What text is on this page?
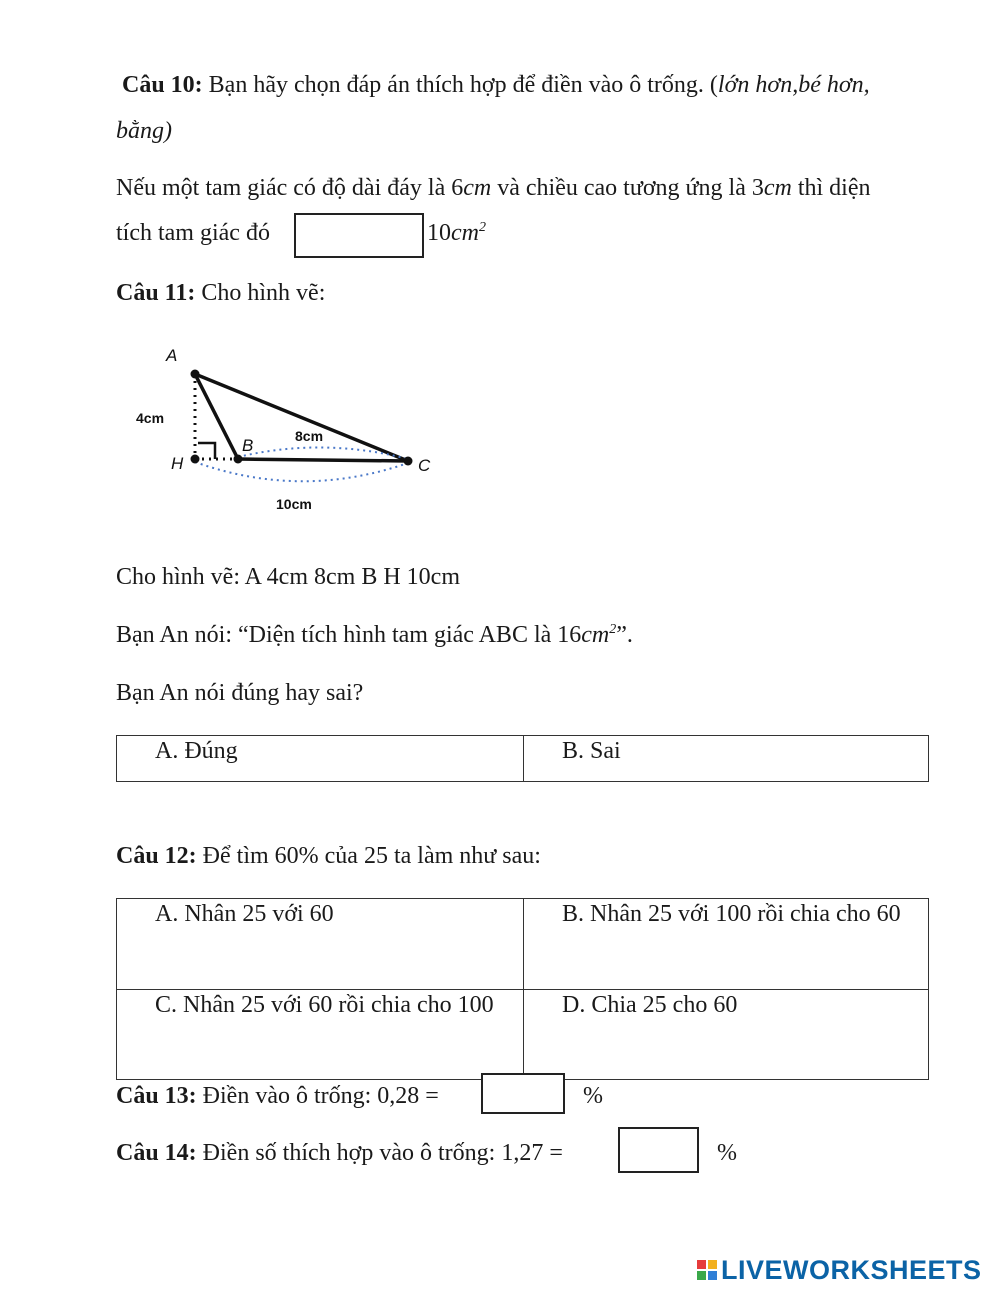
Câu 10: Bạn hãy chọn đáp án thích hợp để điền vào ô trống. (lớn hơn,bé hơn,
bằng)
Nếu một tam giác có độ dài đáy là 6cm và chiều cao tương ứng là 3cm thì diện
tích tam giác đó	$10cm^2$
Câu 11: Cho hình vẽ:
A
B
C
H
4cm
8cm
10cm
Cho hình vẽ: A 4cm 8cm B H 10cm
Bạn An nói: “Diện tích hình tam giác ABC là $16cm^2$”.
Bạn An nói đúng hay sai?
A. Đúng	B. Sai
Câu 12: Để tìm 60% của 25 ta làm như sau:
A. Nhân 25 với 60	B. Nhân 25 với 100 rồi chia cho 60

C. Nhân 25 với 60 rồi chia cho 100	D. Chia 25 cho 60
Câu 13: Điền vào ô trống: 0,28 =	%
Câu 14: Điền số thích hợp vào ô trống: 1,27 =	%
LIVEWORKSHEETS
